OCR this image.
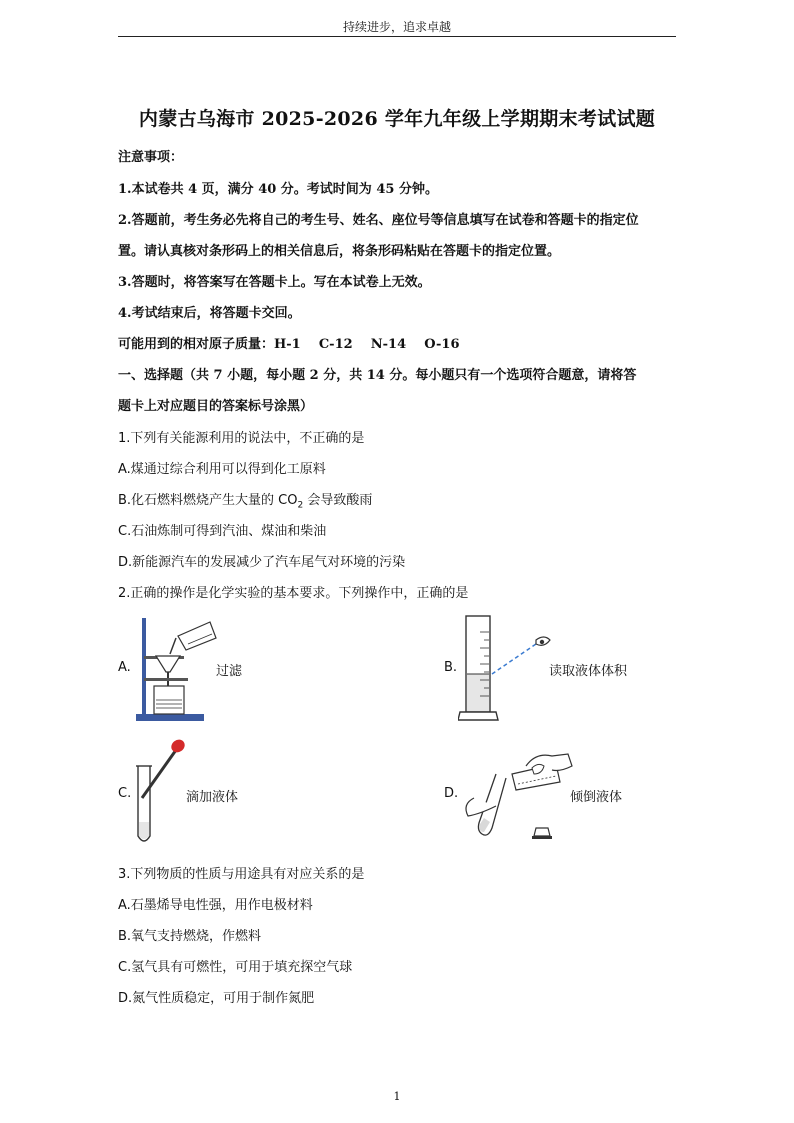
持续进步，追求卓越
内蒙古乌海市 2025-2026 学年九年级上学期期末考试试题
注意事项：
1.本试卷共 4 页，满分 40 分。考试时间为 45 分钟。
2.答题前，考生务必先将自己的考生号、姓名、座位号等信息填写在试卷和答题卡的指定位
置。请认真核对条形码上的相关信息后，将条形码粘贴在答题卡的指定位置。
3.答题时，将答案写在答题卡上。写在本试卷上无效。
4.考试结束后，将答题卡交回。
可能用到的相对原子质量：H-1    C-12    N-14    O-16
一、选择题（共 7 小题，每小题 2 分，共 14 分。每小题只有一个选项符合题意，请将答
题卡上对应题目的答案标号涂黑）
1.下列有关能源利用的说法中，不正确的是
A.煤通过综合利用可以得到化工原料
B.化石燃料燃烧产生大量的 $CO_2$ 会导致酸雨
C.石油炼制可得到汽油、煤油和柴油
D.新能源汽车的发展减少了汽车尾气对环境的污染
2.正确的操作是化学实验的基本要求。下列操作中，正确的是
A.	过滤	B.	读取液体体积
C.	滴加液体	D.	倾倒液体
3.下列物质的性质与用途具有对应关系的是
A.石墨烯导电性强，用作电极材料
B.氧气支持燃烧，作燃料
C.氢气具有可燃性，可用于填充探空气球
D.氮气性质稳定，可用于制作氮肥
1
